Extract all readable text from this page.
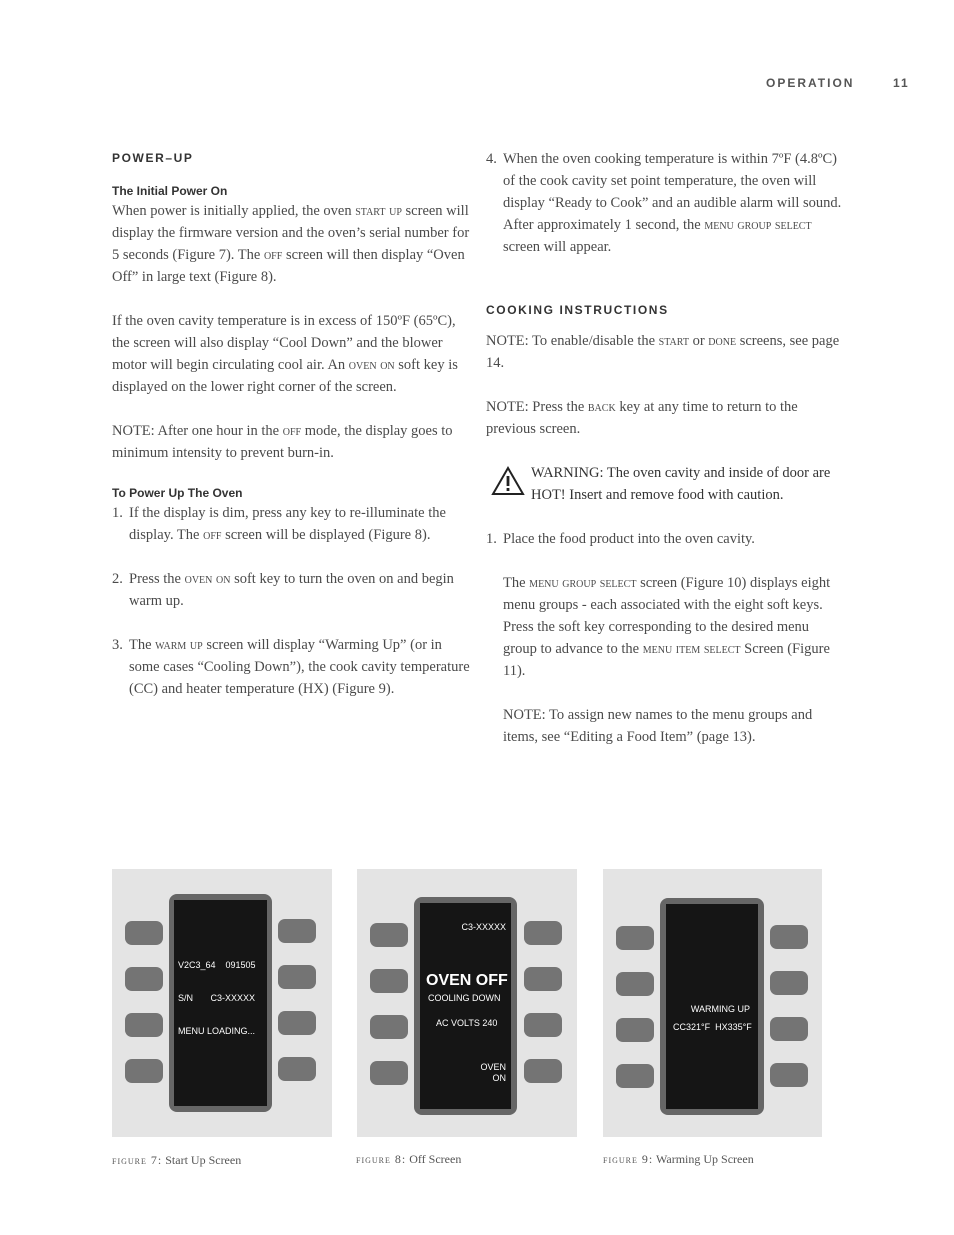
OPERATION	11
POWER–UP
The Initial Power On

When power is initially applied, the oven start up screen will display the firmware version and the oven’s serial number for 5 seconds (Figure 7). The off screen will then display “Oven Off” in large text (Figure 8).

If the oven cavity temperature is in excess of 150ºF (65ºC), the screen will also display “Cool Down” and the blower motor will begin circulating cool air. An oven on soft key is displayed on the lower right corner of the screen.

NOTE: After one hour in the off mode, the display goes to minimum intensity to prevent burn-in.

To Power Up The Oven
1. If the display is dim, press any key to re-illuminate the display. The off screen will be displayed (Figure 8).
2. Press the oven on soft key to turn the oven on and begin warm up.
3. The warm up screen will display “Warming Up” (or in some cases “Cooling Down”), the cook cavity temperature (CC) and heater temperature (HX) (Figure 9).
4. When the oven cooking temperature is within 7ºF (4.8ºC) of the cook cavity set point temperature, the oven will display “Ready to Cook” and an audible alarm will sound. After approximately 1 second, the menu group select screen will appear.
COOKING INSTRUCTIONS

NOTE: To enable/disable the start or done screens, see page 14.

NOTE: Press the back key at any time to return to the previous screen.

WARNING: The oven cavity and inside of door are HOT! Insert and remove food with caution.
1. Place the food product into the oven cavity.

The menu group select screen (Figure 10) displays eight menu groups - each associated with the eight soft keys. Press the soft key corresponding to the desired menu group to advance to the menu item select Screen (Figure 11).

NOTE: To assign new names to the menu groups and items, see “Editing a Food Item” (page 13).

V2C3_64    091505

S/N       C3-XXXXX

MENU LOADING...

C3-XXXXX
OVEN OFF
COOLING DOWN
AC VOLTS 240
OVEN
ON
WARMING UP
CC321°F  HX335°F
figure 7: Start Up Screen	figure 8: Off Screen	figure 9: Warming Up Screen
